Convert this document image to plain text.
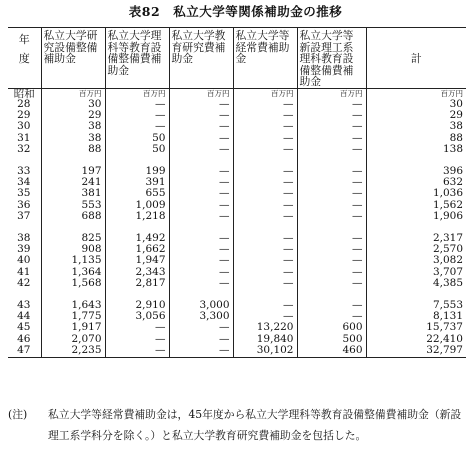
表82　私立大学等関係補助金の推移
年
度	私立大学研究設備整備補助金	私立大学理科等教育設備整備費補助金	私立大学教育研究費補助金	私立大学等経常費補助金	私立大学等新設理工系理科教育設備整備費補助金	計
昭和	百万円	百万円	百万円	百万円	百万円	百万円
28	30	—	—	—	—	30
29	29	—	—	—	—	29
30	38	—	—	—	—	38
31	38	50	—	—	—	88
32	88	50	—	—	—	138

33	197	199	—	—	—	396
34	241	391	—	—	—	632
35	381	655	—	—	—	1,036
36	553	1,009	—	—	—	1,562
37	688	1,218	—	—	—	1,906

38	825	1,492	—	—	—	2,317
39	908	1,662	—	—	—	2,570
40	1,135	1,947	—	—	—	3,082
41	1,364	2,343	—	—	—	3,707
42	1,568	2,817	—	—	—	4,385

43	1,643	2,910	3,000	—	—	7,553
44	1,775	3,056	3,300	—	—	8,131
45	1,917	—	—	13,220	600	15,737
46	2,070	—	—	19,840	500	22,410
47	2,235	—	—	30,102	460	32,797
(注) 私立大学等経常費補助金は，45年度から私立大学理科等教育設備整備費補助金（新設理工系学科分を除く。）と私立大学教育研究費補助金を包括した。
